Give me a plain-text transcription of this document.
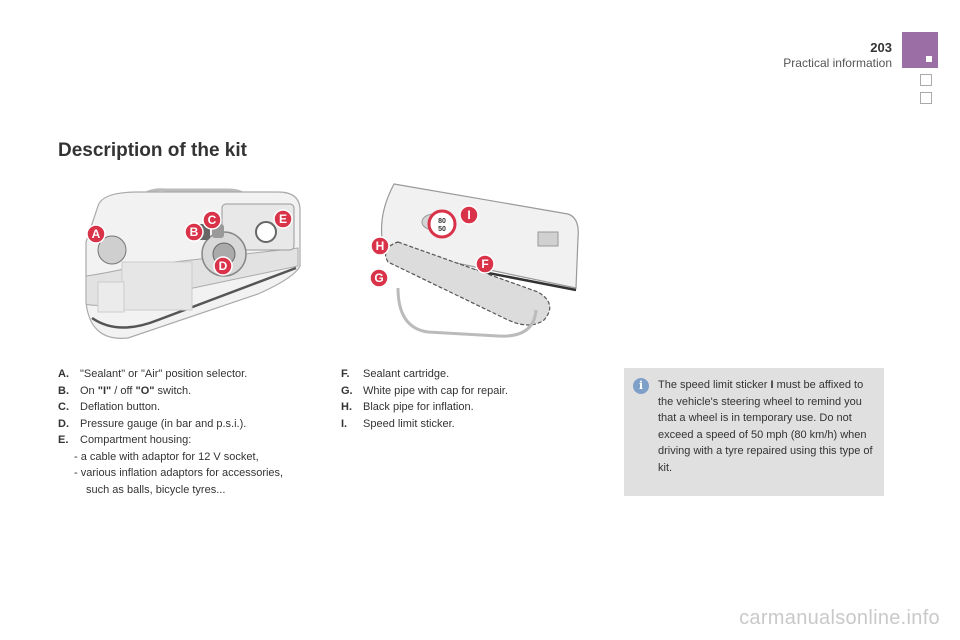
203
Practical information
Description of the kit
A	B
C
D
E	80
50
F
G
H
I
A.	"Sealant" or "Air" position selector.
B.	On "I" / off "O" switch.
C.	Deflation button.
D.	Pressure gauge (in bar and p.s.i.).
E.	Compartment housing:
- a cable with adaptor for 12 V socket,
- various inflation adaptors for accessories, such as balls, bicycle tyres...
F.	Sealant cartridge.
G. White pipe with cap for repair.
H.	Black pipe for inflation.
I.	Speed limit sticker.
i	The speed limit sticker I must be affixed to the vehicle's steering wheel to remind you that a wheel is in temporary use. Do not exceed a speed of 50 mph (80 km/h) when driving with a tyre repaired using this type of kit.
carmanualsonline.info
